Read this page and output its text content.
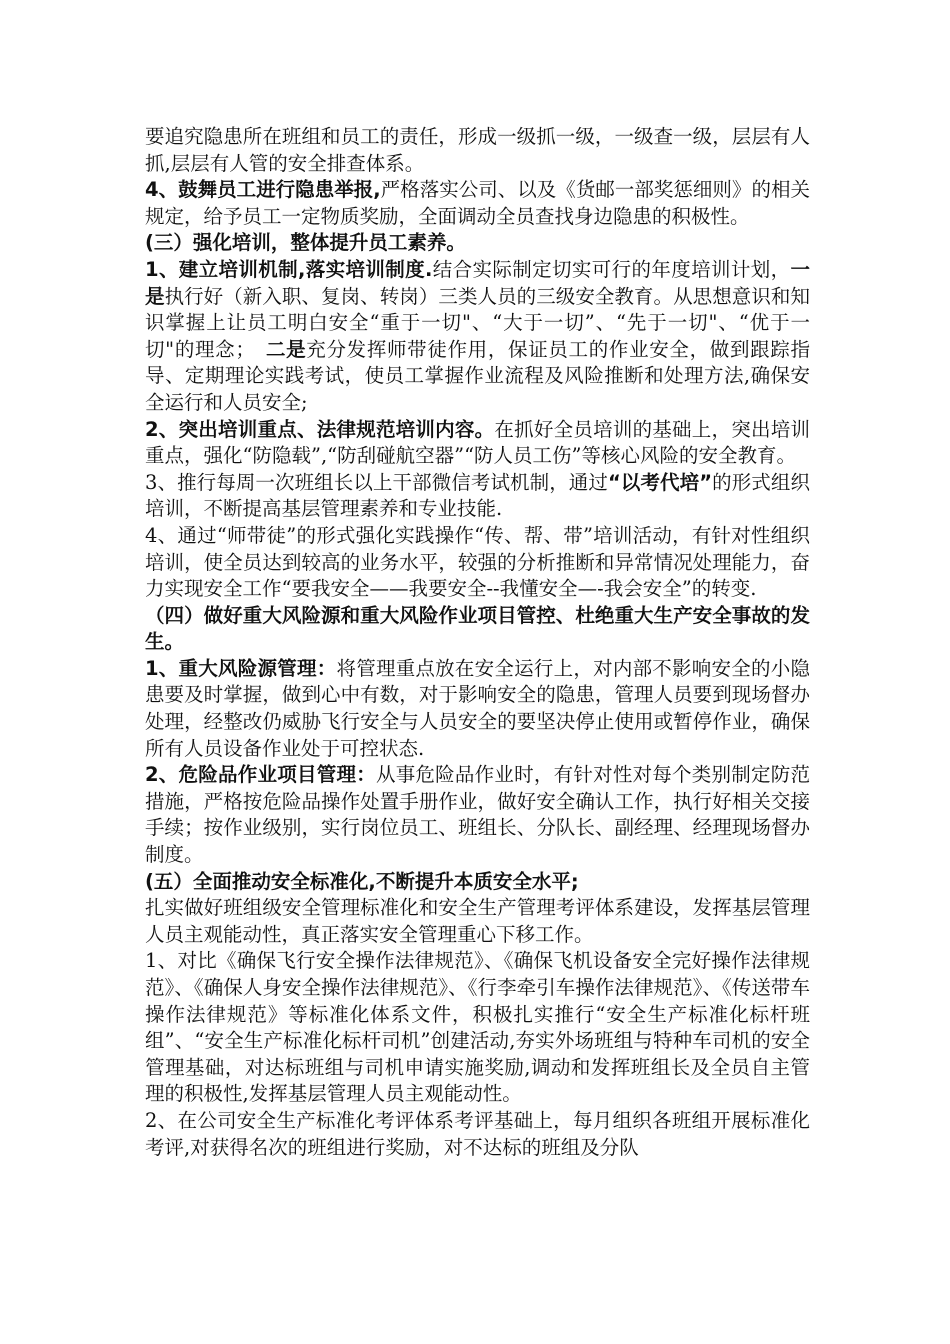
要追究隐患所在班组和员工的责任，形成一级抓一级，一级查一级，层层有人抓,层层有人管的安全排查体系。

4、鼓舞员工进行隐患举报,严格落实公司、以及《货邮一部奖惩细则》的相关规定，给予员工一定物质奖励，全面调动全员查找身边隐患的积极性。

(三）强化培训，整体提升员工素养。

1、建立培训机制,落实培训制度.结合实际制定切实可行的年度培训计划，一是执行好（新入职、复岗、转岗）三类人员的三级安全教育。从思想意识和知识掌握上让员工明白安全“重于一切"、“大于一切”、“先于一切"、“优于一切"的理念；　二是充分发挥师带徒作用，保证员工的作业安全，做到跟踪指导、定期理论实践考试，使员工掌握作业流程及风险推断和处理方法,确保安全运行和人员安全;

2、突出培训重点、法律规范培训内容。在抓好全员培训的基础上，突出培训重点，强化“防隐载”,“防刮碰航空器”“防人员工伤”等核心风险的安全教育。

3、推行每周一次班组长以上干部微信考试机制，通过“以考代培”的形式组织培训，不断提高基层管理素养和专业技能.

4、通过“师带徒”的形式强化实践操作“传、帮、带”培训活动，有针对性组织培训，使全员达到较高的业务水平，较强的分析推断和异常情况处理能力，奋力实现安全工作“要我安全——我要安全--我懂安全—-我会安全”的转变.

（四）做好重大风险源和重大风险作业项目管控、杜绝重大生产安全事故的发生。

1、重大风险源管理：将管理重点放在安全运行上，对内部不影响安全的小隐患要及时掌握，做到心中有数，对于影响安全的隐患，管理人员要到现场督办处理，经整改仍威胁飞行安全与人员安全的要坚决停止使用或暂停作业，确保所有人员设备作业处于可控状态.

2、危险品作业项目管理：从事危险品作业时，有针对性对每个类别制定防范措施，严格按危险品操作处置手册作业，做好安全确认工作，执行好相关交接手续；按作业级别，实行岗位员工、班组长、分队长、副经理、经理现场督办制度。

(五）全面推动安全标准化,不断提升本质安全水平;

扎实做好班组级安全管理标准化和安全生产管理考评体系建设，发挥基层管理人员主观能动性，真正落实安全管理重心下移工作。

1、对比《确保飞行安全操作法律规范》、《确保飞机设备安全完好操作法律规范》、《确保人身安全操作法律规范》、《行李牵引车操作法律规范》、《传送带车操作法律规范》等标准化体系文件，积极扎实推行“安全生产标准化标杆班组”、“安全生产标准化标杆司机”创建活动,夯实外场班组与特种车司机的安全管理基础，对达标班组与司机申请实施奖励,调动和发挥班组长及全员自主管理的积极性,发挥基层管理人员主观能动性。

2、在公司安全生产标准化考评体系考评基础上，每月组织各班组开展标准化考评,对获得名次的班组进行奖励，对不达标的班组及分队
